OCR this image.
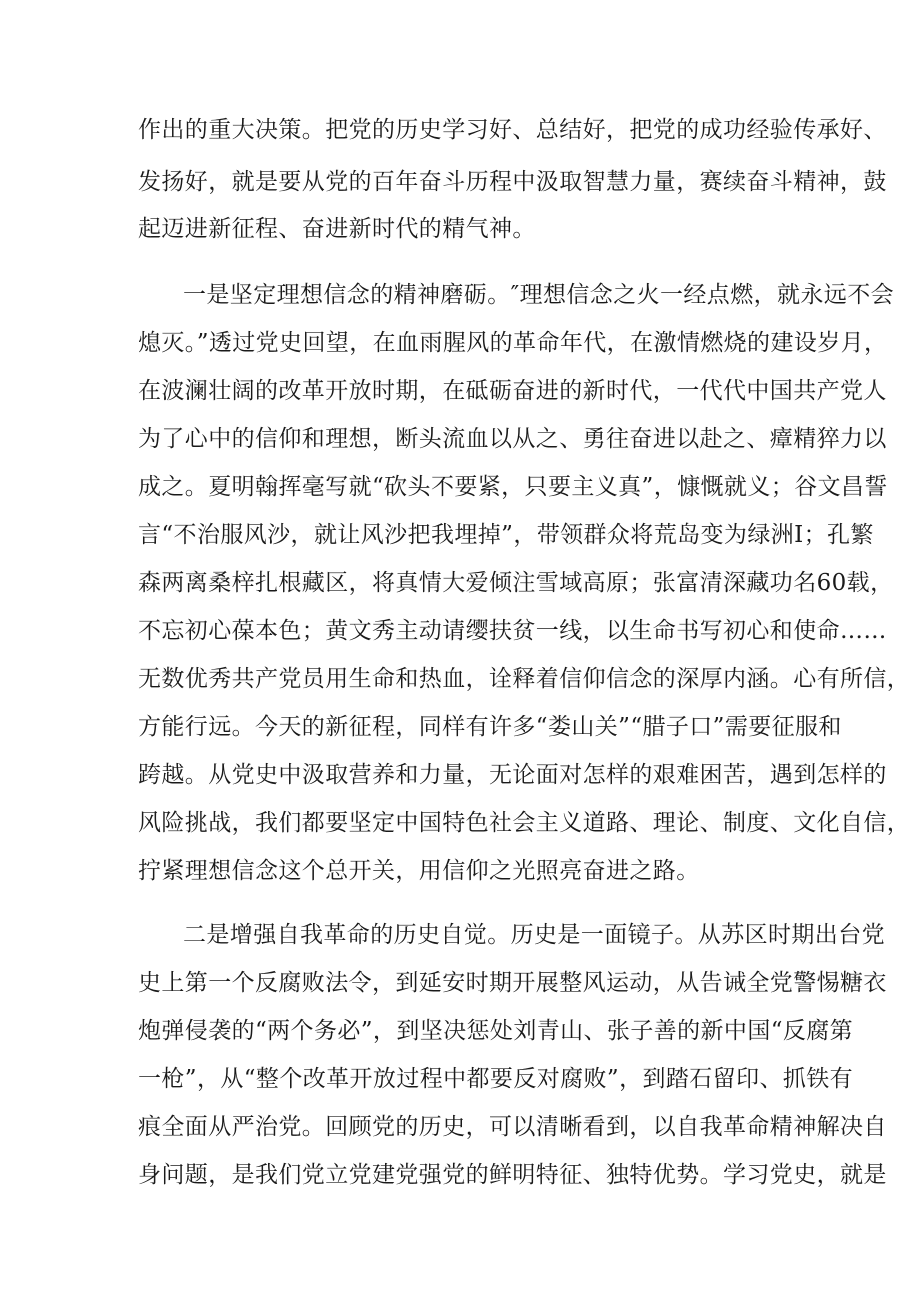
作出的重大决策。把党的历史学习好、总结好，把党的成功经验传承好、
发扬好，就是要从党的百年奋斗历程中汲取智慧力量，赛续奋斗精神，鼓
起迈进新征程、奋进新时代的精气神。
一是坚定理想信念的精神磨砺。″理想信念之火一经点燃，就永远不会
熄灭。”透过党史回望，在血雨腥风的革命年代，在激情燃烧的建设岁月，
在波澜壮阔的改革开放时期，在砥砺奋进的新时代，一代代中国共产党人
为了心中的信仰和理想，断头流血以从之、勇往奋进以赴之、瘴精猝力以
成之。夏明翰挥毫写就“砍头不要紧，只要主义真”，慷慨就义；谷文昌誓
言“不治服风沙，就让风沙把我埋掉”，带领群众将荒岛变为绿洲I；孔繁
森两离桑梓扎根藏区，将真情大爱倾注雪域高原；张富清深藏功名60载，
不忘初心葆本色；黄文秀主动请缨扶贫一线，以生命书写初心和使命……
无数优秀共产党员用生命和热血，诠释着信仰信念的深厚内涵。心有所信，
方能行远。今天的新征程，同样有许多“娄山关”“腊子口”需要征服和
跨越。从党史中汲取营养和力量，无论面对怎样的艰难困苦，遇到怎样的
风险挑战，我们都要坚定中国特色社会主义道路、理论、制度、文化自信，
拧紧理想信念这个总开关，用信仰之光照亮奋进之路。
二是增强自我革命的历史自觉。历史是一面镜子。从苏区时期出台党
史上第一个反腐败法令，到延安时期开展整风运动，从告诫全党警惕糖衣
炮弹侵袭的“两个务必”，到坚决惩处刘青山、张子善的新中国“反腐第
一枪”，从“整个改革开放过程中都要反对腐败”，到踏石留印、抓铁有
痕全面从严治党。回顾党的历史，可以清晰看到，以自我革命精神解决自
身问题，是我们党立党建党强党的鲜明特征、独特优势。学习党史，就是
